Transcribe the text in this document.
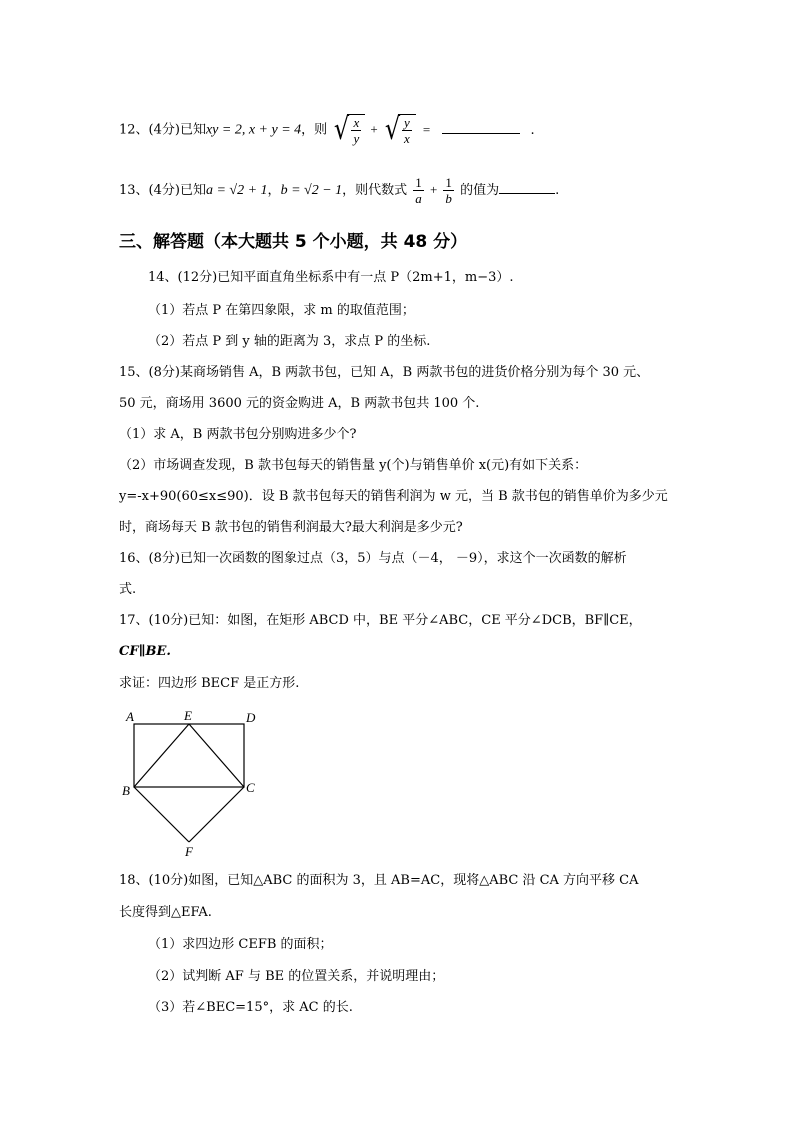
12、(4分)已知xy = 2, x + y = 4，则 √ $\frac{x}{y}$ + √ $\frac{y}{x}$ =	.
13、(4分)已知a = √2 + 1，b = √2 − 1，则代数式 $\frac{1}{a} + \frac{1}{b}$ 的值为	.
三、解答题（本大题共 5 个小题，共 48 分）
14、(12分)已知平面直角坐标系中有一点 P（2m+1，m−3）.
（1）若点 P 在第四象限，求 m 的取值范围；
（2）若点 P 到 y 轴的距离为 3，求点 P 的坐标.
15、(8分)某商场销售 A，B 两款书包，已知 A，B 两款书包的进货价格分别为每个 30 元、
50 元，商场用 3600 元的资金购进 A，B 两款书包共 100 个.
（1）求 A，B 两款书包分别购进多少个?
（2）市场调查发现，B 款书包每天的销售量 y(个)与销售单价 x(元)有如下关系：
y=-x+90(60≤x≤90)．设 B 款书包每天的销售利润为 w 元，当 B 款书包的销售单价为多少元
时，商场每天 B 款书包的销售利润最大?最大利润是多少元?
16、(8分)已知一次函数的图象过点（3，5）与点（－4， －9），求这个一次函数的解析
式.
17、(10分)已知：如图，在矩形 ABCD 中，BE 平分∠ABC，CE 平分∠DCB，BF∥CE，
CF∥BE.
求证：四边形 BECF 是正方形.
A	E	D
B	C
F
18、(10分)如图，已知△ABC 的面积为 3，且 AB=AC，现将△ABC 沿 CA 方向平移 CA
长度得到△EFA.
（1）求四边形 CEFB 的面积；
（2）试判断 AF 与 BE 的位置关系，并说明理由；
（3）若∠BEC=15°，求 AC 的长.
